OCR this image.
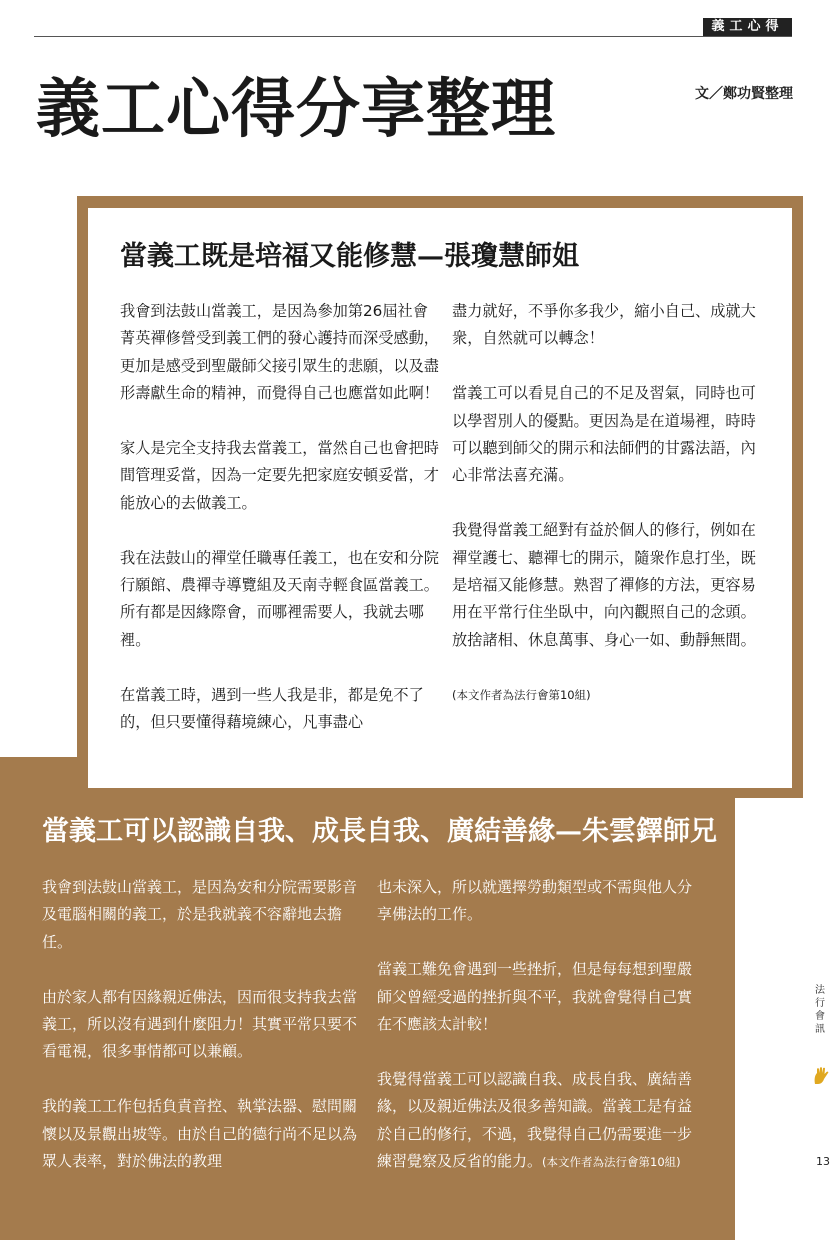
義工心得
義工心得分享整理	文／鄭功賢整理
當義工既是培福又能修慧—張瓊慧師姐

我會到法鼓山當義工，是因為參加第26屆社會菁英禪修營受到義工們的發心護持而深受感動，更加是感受到聖嚴師父接引眾生的悲願，以及盡形壽獻生命的精神，而覺得自己也應當如此啊！

家人是完全支持我去當義工，當然自己也會把時間管理妥當，因為一定要先把家庭安頓妥當，才能放心的去做義工。

我在法鼓山的禪堂任職專任義工，也在安和分院行願館、農禪寺導覽組及天南寺輕食區當義工。所有都是因緣際會，而哪裡需要人，我就去哪裡。

在當義工時，遇到一些人我是非，都是免不了的，但只要懂得藉境練心，凡事盡心

盡力就好，不爭你多我少，縮小自己、成就大衆，自然就可以轉念！

當義工可以看見自己的不足及習氣，同時也可以學習別人的優點。更因為是在道場裡，時時可以聽到師父的開示和法師們的甘露法語，內心非常法喜充滿。

我覺得當義工絕對有益於個人的修行，例如在禪堂護七、聽禪七的開示，隨衆作息打坐，既是培福又能修慧。熟習了禪修的方法，更容易用在平常行住坐臥中，向內觀照自己的念頭。放捨諸相、休息萬事、身心一如、動靜無間。

(本文作者為法行會第10組)

當義工可以認識自我、成長自我、廣結善緣—朱雲鐸師兄

我會到法鼓山當義工，是因為安和分院需要影音及電腦相關的義工，於是我就義不容辭地去擔任。

由於家人都有因緣親近佛法，因而很支持我去當義工，所以沒有遇到什麼阻力！其實平常只要不看電視，很多事情都可以兼顧。

我的義工工作包括負責音控、執掌法器、慰問關懷以及景觀出坡等。由於自己的德行尚不足以為眾人表率，對於佛法的教理

也未深入，所以就選擇勞動類型或不需與他人分享佛法的工作。

當義工難免會遇到一些挫折，但是每每想到聖嚴師父曾經受過的挫折與不平，我就會覺得自己實在不應該太計較！

我覺得當義工可以認識自我、成長自我、廣結善緣，以及親近佛法及很多善知識。當義工是有益於自己的修行，不過，我覺得自己仍需要進一步練習覺察及反省的能力。(本文作者為法行會第10組)

法行會訊
13
